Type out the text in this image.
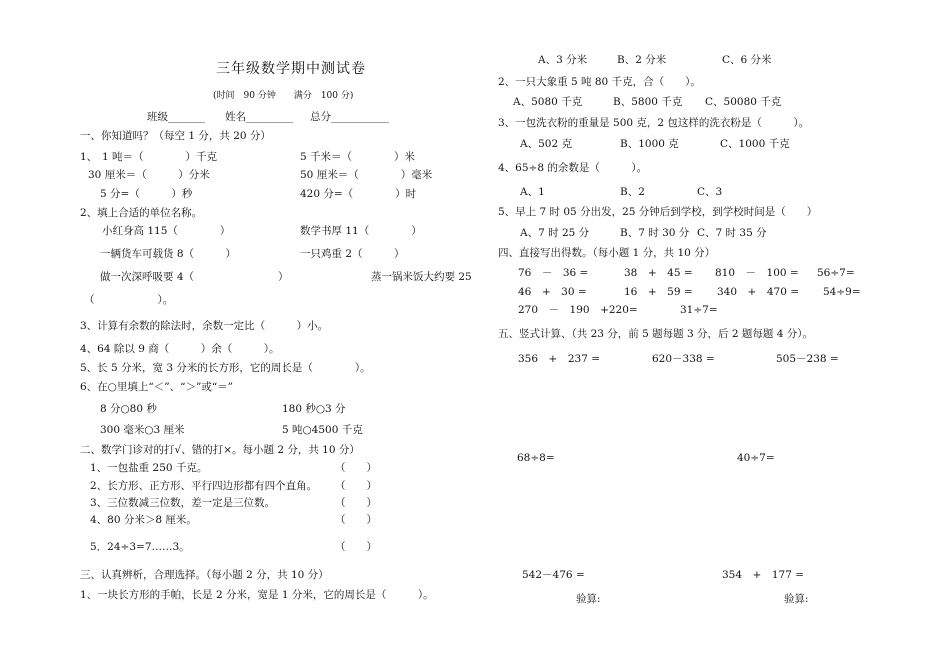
三年级数学期中测试卷
(时间　90 分钟　　满分　100 分)
班级_______ 姓名_________ 总分___________
一、你知道吗？（每空 1 分，共 20 分）
1、 1 吨＝（　　　　）千克	5 千米＝（　　　　）米
30 厘米＝（　　　）分米	50 厘米＝（　　　　）毫米
5 分=（　　　）秒	420 分=（　　　　）时
2、填上合适的单位名称。
小红身高 115（　　　　）	数学书厚 11（　　　　）
一辆货车可载货 8（　　　）	一只鸡重 2（　　　）
做一次深呼吸要 4（　　　　　　　　）	蒸一锅米饭大约要 25
（　　　　　　）。
3、计算有余数的除法时，余数一定比（　　　）小。
4、64 除以 9 商（　　　）余（　　　）。
5、长 5 分米，宽 3 分米的长方形，它的周长是（　　　　）。
6、在○里填上“＜”、“＞”或“＝”
8 分○80 秒	180 秒○3 分
300 毫米○3 厘米	5 吨○4500 千克
二、数学门诊对的打√、错的打×。每小题 2 分，共 10 分）
1、一包盐重 250 千克。	（　　）
2、长方形、正方形、平行四边形都有四个直角。 （　　）
3、三位数减三位数，差一定是三位数。	（　　）
4、80 分米＞8 厘米。	（　　）
5．24÷3=7……3。	（　　）
三、认真辨析，合理选择。（每小题 2 分，共 10 分）
1、一块长方形的手帕，长是 2 分米，宽是 1 分米，它的周长是（　　　）。
A、3 分米	B、2 分米	C、6 分米
2、一只大象重 5 吨 80 千克，合（　　）。
A、5080 千克	B、5800 千克 C、50080 千克
3、一包洗衣粉的重量是 500 克，2 包这样的洗衣粉是（　　　）。
A、502 克	B、1000 克	C、1000 千克
4、65÷8 的余数是（　　　）。
A、1	B、2	C、3
5、早上 7 时 05 分出发，25 分钟后到学校，到学校时间是（　　）
A、7 时 25 分	B、7 时 30 分 C、7 时 35 分
四、直接写出得数。（每小题 1 分，共 10 分）
76　－　36 =	38　+　45 = 810　－　100 = 56÷7=
46　+　30 =	16　+　59 = 340　+　470 = 54÷9=
270　－　190　+220=	31÷7=
五、竖式计算、（共 23 分，前 5 题每题 3 分，后 2 题每题 4 分）。
356　+　237 =	620－338 =	505－238 =
68÷8=	40÷7=
542－476 =	354　+　177 =
验算:	验算:
